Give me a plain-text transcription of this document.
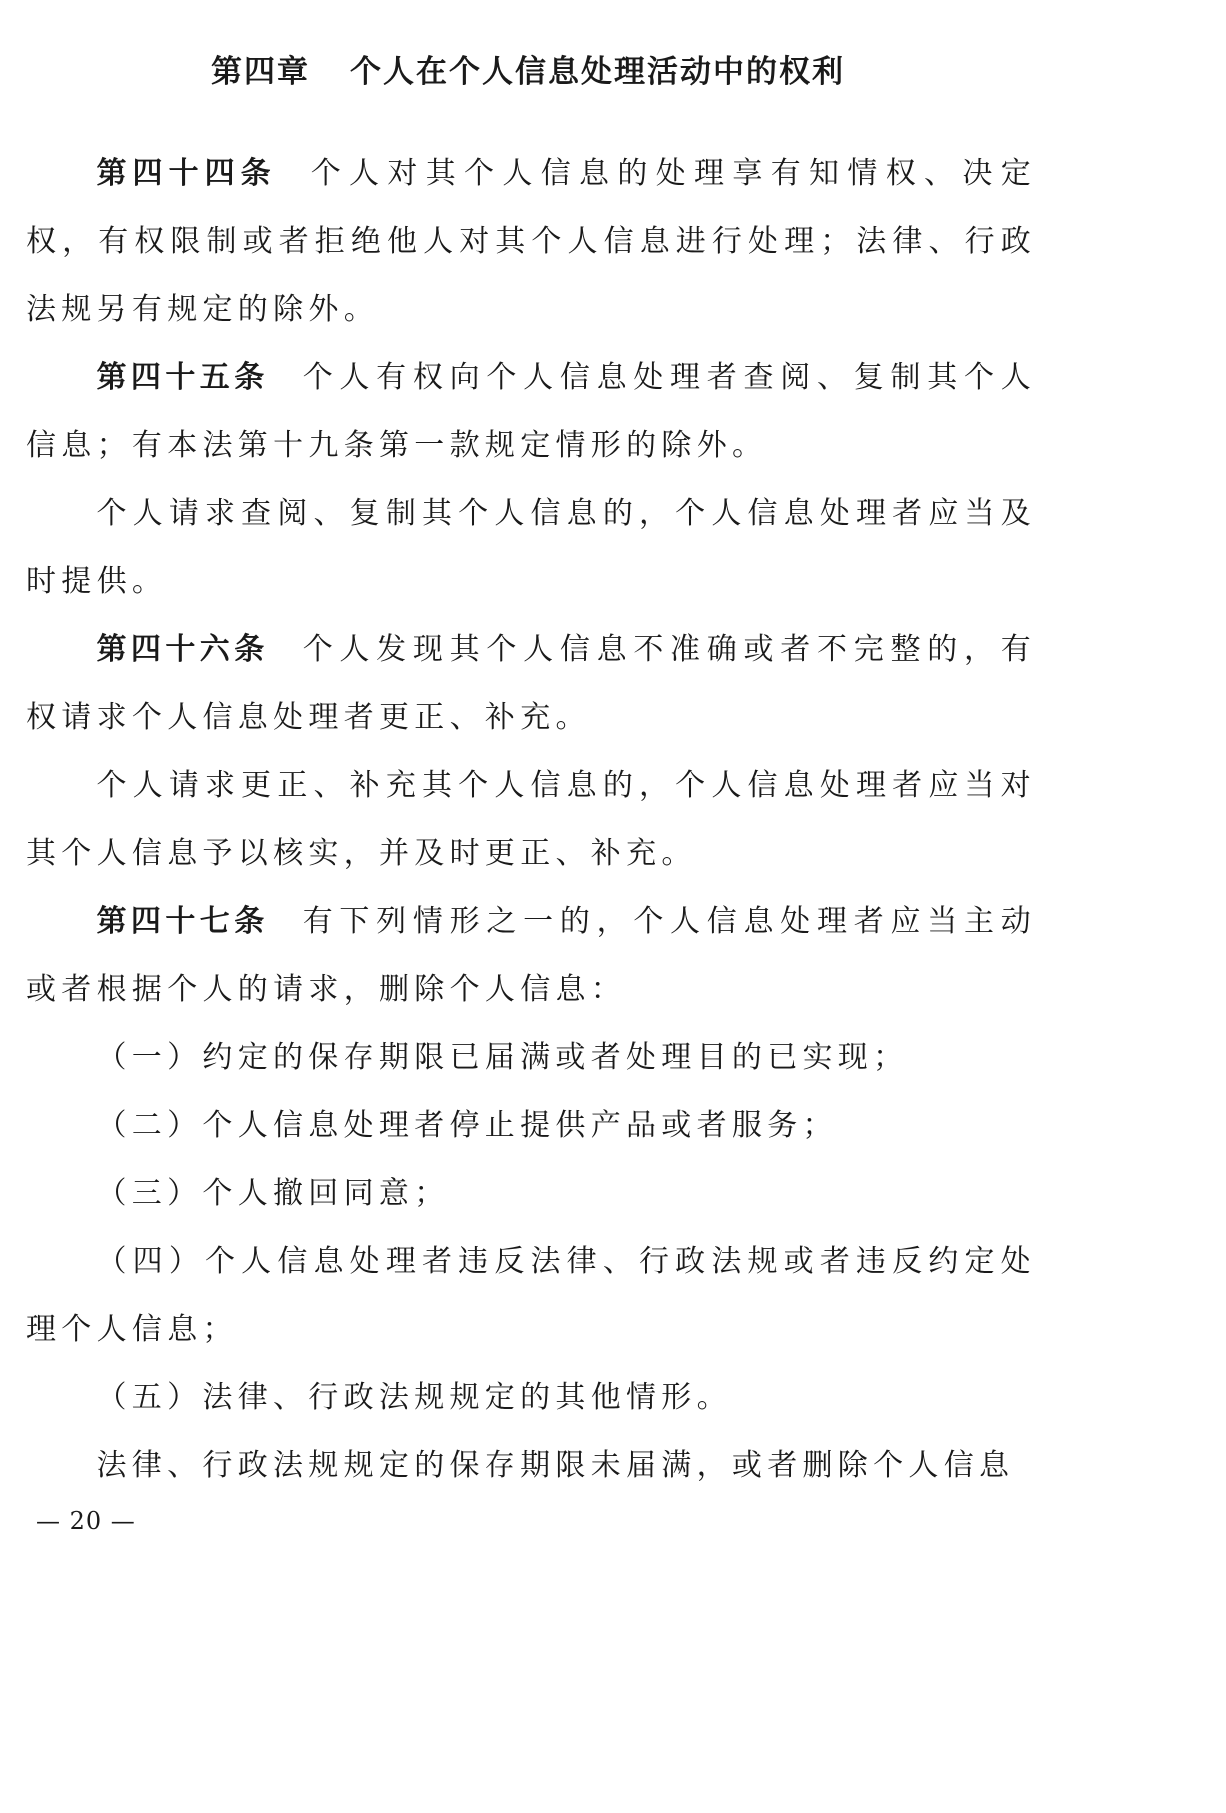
第四章 个人在个人信息处理活动中的权利

第四十四条 个人对其个人信息的处理享有知情权、决定权，有权限制或者拒绝他人对其个人信息进行处理；法律、行政法规另有规定的除外。

第四十五条 个人有权向个人信息处理者查阅、复制其个人信息；有本法第十九条第一款规定情形的除外。

个人请求查阅、复制其个人信息的，个人信息处理者应当及时提供。

第四十六条 个人发现其个人信息不准确或者不完整的，有权请求个人信息处理者更正、补充。

个人请求更正、补充其个人信息的，个人信息处理者应当对其个人信息予以核实，并及时更正、补充。

第四十七条 有下列情形之一的，个人信息处理者应当主动或者根据个人的请求，删除个人信息：

（一）约定的保存期限已届满或者处理目的已实现；

（二）个人信息处理者停止提供产品或者服务；

（三）个人撤回同意；

（四）个人信息处理者违反法律、行政法规或者违反约定处理个人信息；

（五）法律、行政法规规定的其他情形。

法律、行政法规规定的保存期限未届满，或者删除个人信息

— 20 —
